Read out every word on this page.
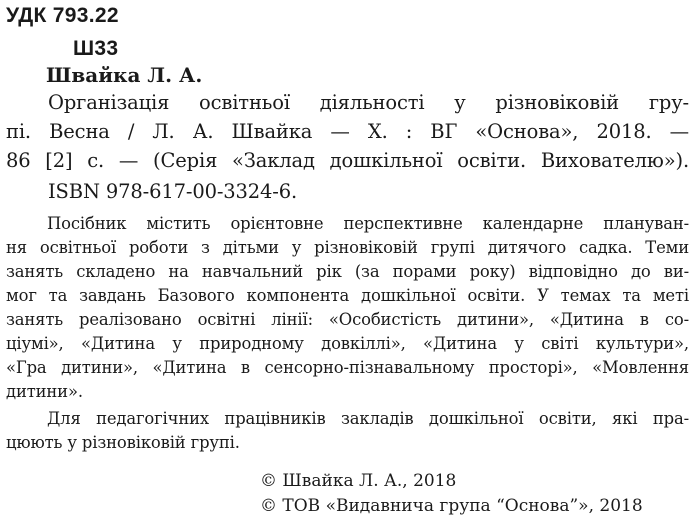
УДК 793.22
Ш33
Швайка Л. А.
Організація освітньої діяльності у різновіковій гру-
пі. Весна / Л. А. Швайка — Х. : ВГ «Основа», 2018. —
86 [2] с. — (Серія «Заклад дошкільної освіти. Вихователю»).
ISBN 978-617-00-3324-6.
Посібник містить орієнтовне перспективне календарне плануван-
ня освітньої роботи з дітьми у різновіковій групі дитячого садка. Теми
занять складено на навчальний рік (за порами року) відповідно до ви-
мог та завдань Базового компонента дошкільної освіти. У темах та меті
занять реалізовано освітні лінії: «Особистість дитини», «Дитина в со-
ціумі», «Дитина у природному довкіллі», «Дитина у світі культури»,
«Гра дитини», «Дитина в сенсорно-пізнавальному просторі», «Мовлення
дитини».
Для педагогічних працівників закладів дошкільної освіти, які пра-
цюють у різновіковій групі.
© Швайка Л. А., 2018
© ТОВ «Видавнича група “Основа”», 2018
